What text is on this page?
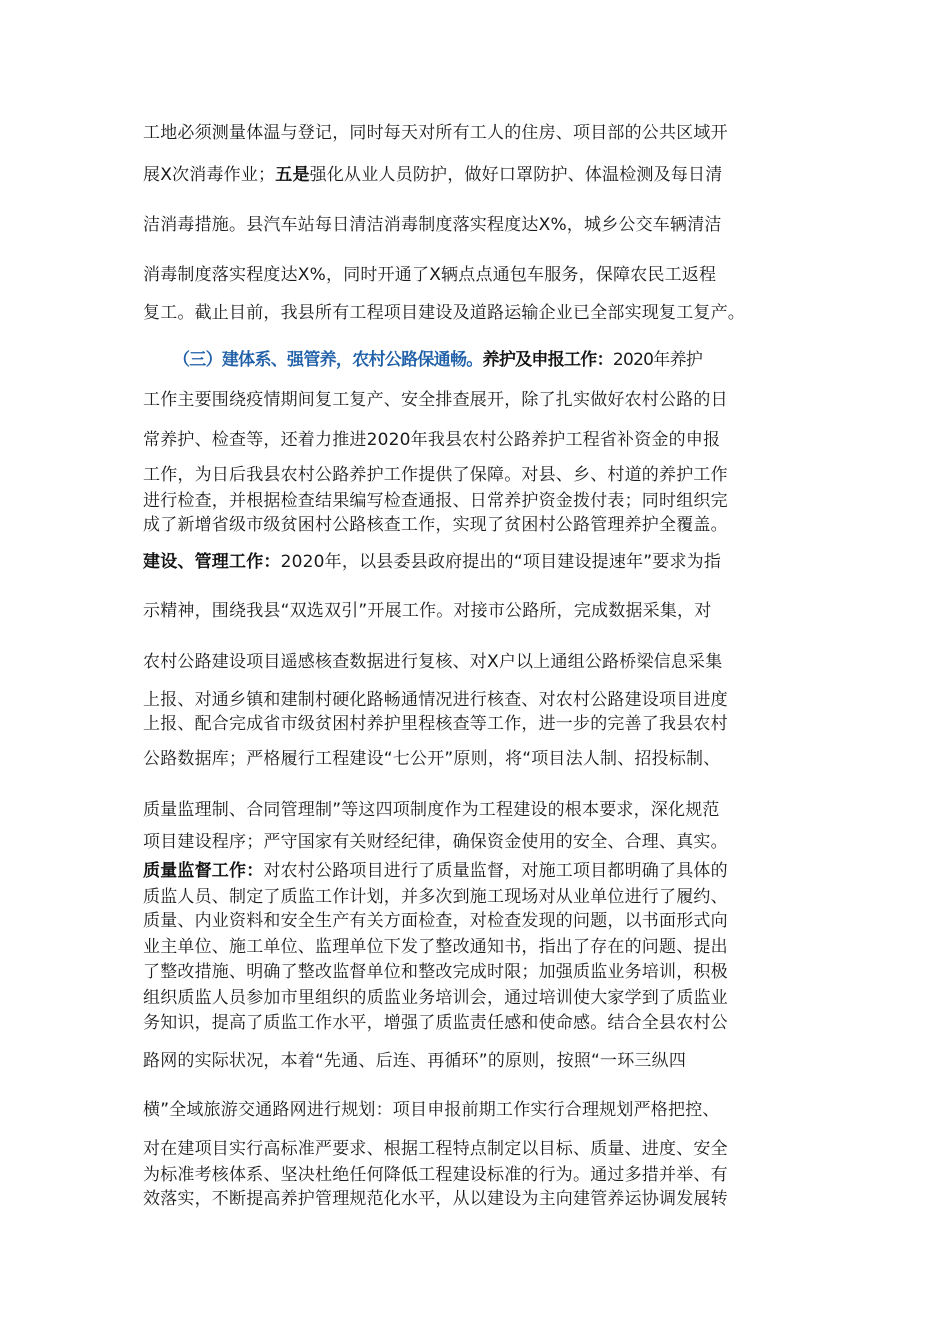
工地必须测量体温与登记，同时每天对所有工人的住房、项目部的公共区域开
展X次消毒作业；五是强化从业人员防护，做好口罩防护、体温检测及每日清
洁消毒措施。县汽车站每日清洁消毒制度落实程度达X%，城乡公交车辆清洁
消毒制度落实程度达X%，同时开通了X辆点点通包车服务，保障农民工返程
复工。截止目前，我县所有工程项目建设及道路运输企业已全部实现复工复产。
（三）建体系、强管养，农村公路保通畅。养护及申报工作：2020年养护
工作主要围绕疫情期间复工复产、安全排查展开，除了扎实做好农村公路的日
常养护、检查等，还着力推进2020年我县农村公路养护工程省补资金的申报
工作，为日后我县农村公路养护工作提供了保障。对县、乡、村道的养护工作
进行检查，并根据检查结果编写检查通报、日常养护资金拨付表；同时组织完
成了新增省级市级贫困村公路核查工作，实现了贫困村公路管理养护全覆盖。
建设、管理工作：2020年，以县委县政府提出的“项目建设提速年”要求为指
示精神，围绕我县“双选双引”开展工作。对接市公路所，完成数据采集，对
农村公路建设项目遥感核查数据进行复核、对X户以上通组公路桥梁信息采集
上报、对通乡镇和建制村硬化路畅通情况进行核查、对农村公路建设项目进度
上报、配合完成省市级贫困村养护里程核查等工作，进一步的完善了我县农村
公路数据库；严格履行工程建设“七公开”原则，将“项目法人制、招投标制、
质量监理制、合同管理制”等这四项制度作为工程建设的根本要求，深化规范
项目建设程序；严守国家有关财经纪律，确保资金使用的安全、合理、真实。
质量监督工作：对农村公路项目进行了质量监督，对施工项目都明确了具体的
质监人员、制定了质监工作计划，并多次到施工现场对从业单位进行了履约、
质量、内业资料和安全生产有关方面检查，对检查发现的问题，以书面形式向
业主单位、施工单位、监理单位下发了整改通知书，指出了存在的问题、提出
了整改措施、明确了整改监督单位和整改完成时限；加强质监业务培训，积极
组织质监人员参加市里组织的质监业务培训会，通过培训使大家学到了质监业
务知识，提高了质监工作水平，增强了质监责任感和使命感。结合全县农村公
路网的实际状况，本着“先通、后连、再循环”的原则，按照“一环三纵四
横”全域旅游交通路网进行规划：项目申报前期工作实行合理规划严格把控、
对在建项目实行高标准严要求、根据工程特点制定以目标、质量、进度、安全
为标准考核体系、坚决杜绝任何降低工程建设标准的行为。通过多措并举、有
效落实，不断提高养护管理规范化水平，从以建设为主向建管养运协调发展转
